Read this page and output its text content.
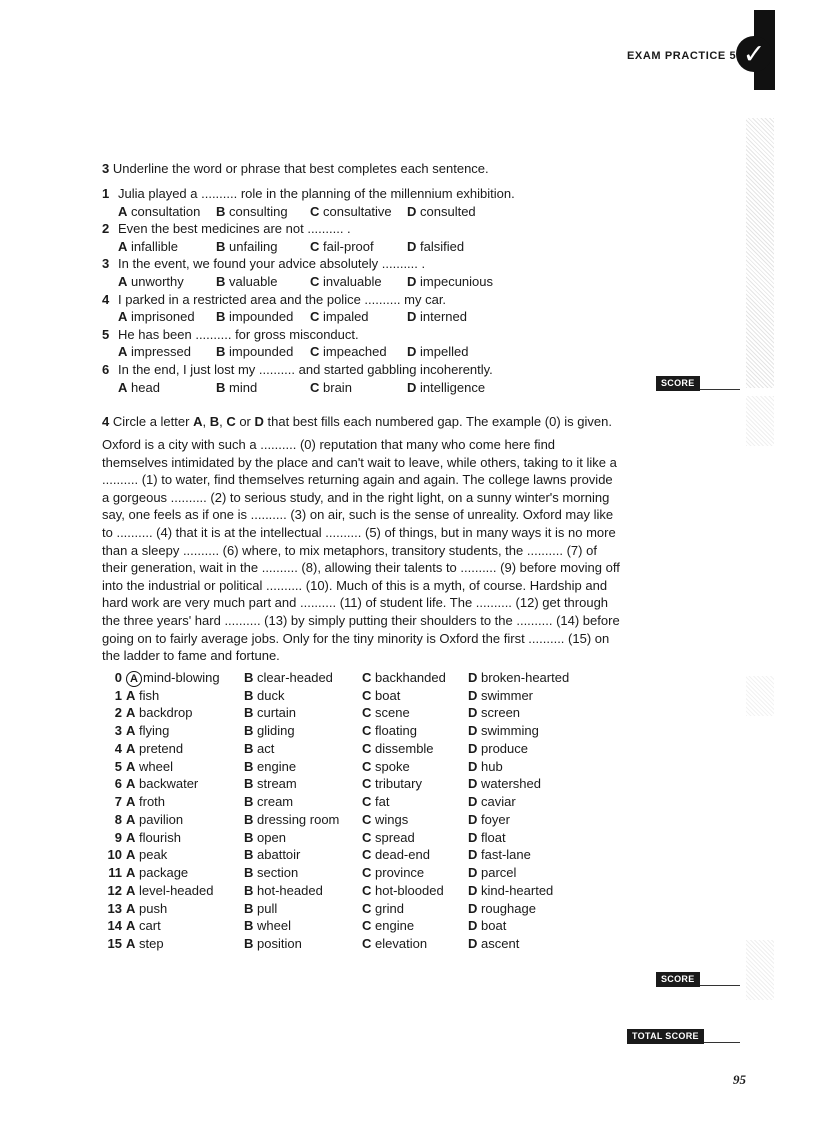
EXAM PRACTICE 5 ✓
SCORE
SCORE
TOTAL SCORE
3 Underline the word or phrase that best completes each sentence.
1 Julia played a .......... role in the planning of the millennium exhibition.
A consultation B consulting C consultative D consulted
2 Even the best medicines are not .......... .
A infallible	B unfailing	C fail-proof	D falsified
3 In the event, we found your advice absolutely .......... .
A unworthy B valuable	C invaluable D impecunious
4 I parked in a restricted area and the police .......... my car.
A imprisoned B impounded C impaled	D interned
5 He has been .......... for gross misconduct.
A impressed B impounded C impeached D impelled
6 In the end, I just lost my .......... and started gabbling incoherently.
A head	B mind	C brain	D intelligence
4 Circle a letter A, B, C or D that best fills each numbered gap. The example (0) is given.

Oxford is a city with such a .......... (0) reputation that many who come here find themselves intimidated by the place and can't wait to leave, while others, taking to it like a .......... (1) to water, find themselves returning again and again. The college lawns provide a gorgeous .......... (2) to serious study, and in the right light, on a sunny winter's morning say, one feels as if one is .......... (3) on air, such is the sense of unreality. Oxford may like to .......... (4) that it is at the intellectual .......... (5) of things, but in many ways it is no more than a sleepy .......... (6) where, to mix metaphors, transitory students, the .......... (7) of their generation, wait in the .......... (8), allowing their talents to .......... (9) before moving off into the industrial or political .......... (10). Much of this is a myth, of course. Hardship and hard work are very much part and .......... (11) of student life. The .......... (12) get through the three years' hard .......... (13) by simply putting their shoulders to the .......... (14) before going on to fairly average jobs. Only for the tiny minority is Oxford the first .......... (15) on the ladder to fame and fortune.

0 A mind-blowing B clear-headed C backhanded D broken-hearted
1 A fish	B duck	C boat	D swimmer
2 A backdrop	B curtain	C scene	D screen
3 A flying	B gliding	C floating	D swimming
4 A pretend	B act	C dissemble	D produce
5 A wheel	B engine	C spoke	D hub
6 A backwater	B stream	C tributary	D watershed
7 A froth	B cream	C fat	D caviar
8 A pavilion	B dressing room C wings	D foyer
9 A flourish	B open	C spread	D float
10 A peak	B abattoir	C dead-end	D fast-lane
11 A package	B section	C province	D parcel
12 A level-headed B hot-headed	C hot-blooded D kind-hearted
13 A push	B pull	C grind	D roughage
14 A cart	B wheel	C engine	D boat
15 A step	B position	C elevation	D ascent
95
